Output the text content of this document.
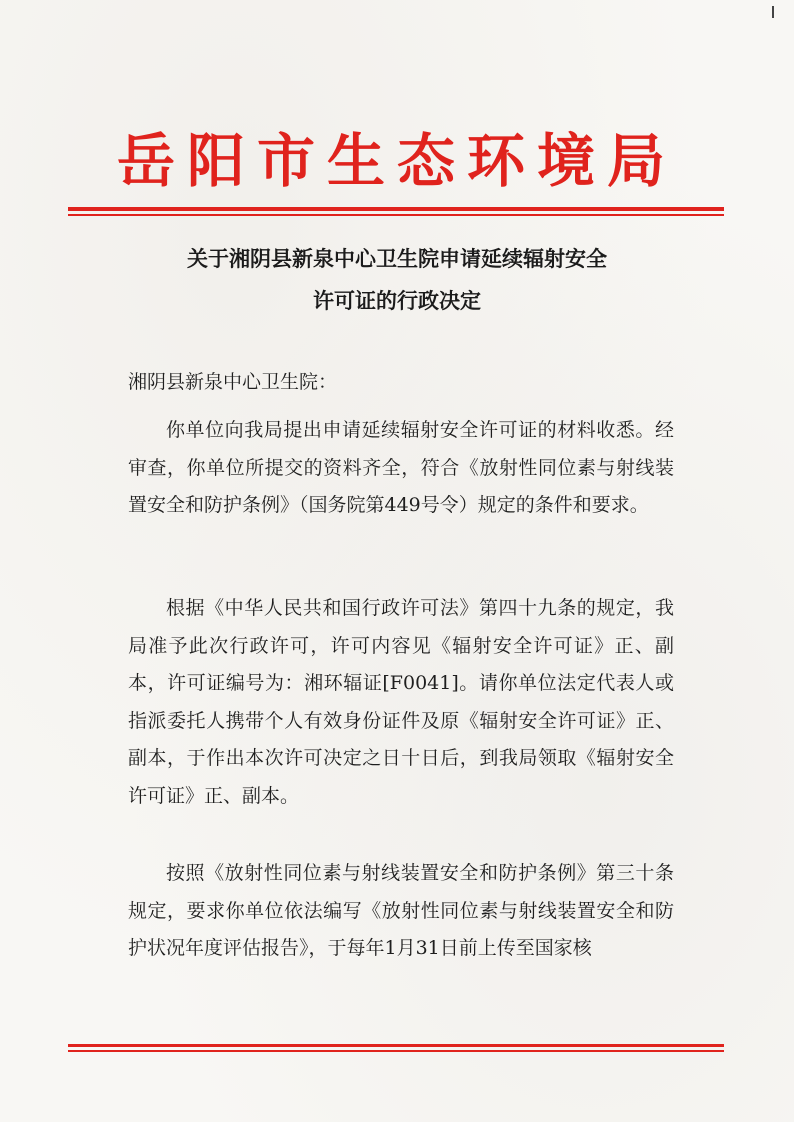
岳阳市生态环境局
关于湘阴县新泉中心卫生院申请延续辐射安全
许可证的行政决定

湘阴县新泉中心卫生院：

你单位向我局提出申请延续辐射安全许可证的材料收悉。经审查，你单位所提交的资料齐全，符合《放射性同位素与射线装置安全和防护条例》（国务院第449号令）规定的条件和要求。

根据《中华人民共和国行政许可法》第四十九条的规定，我局准予此次行政许可，许可内容见《辐射安全许可证》正、副本，许可证编号为：湘环辐证[F0041]。请你单位法定代表人或指派委托人携带个人有效身份证件及原《辐射安全许可证》正、副本，于作出本次许可决定之日十日后，到我局领取《辐射安全许可证》正、副本。

按照《放射性同位素与射线装置安全和防护条例》第三十条规定，要求你单位依法编写《放射性同位素与射线装置安全和防护状况年度评估报告》，于每年1月31日前上传至国家核
